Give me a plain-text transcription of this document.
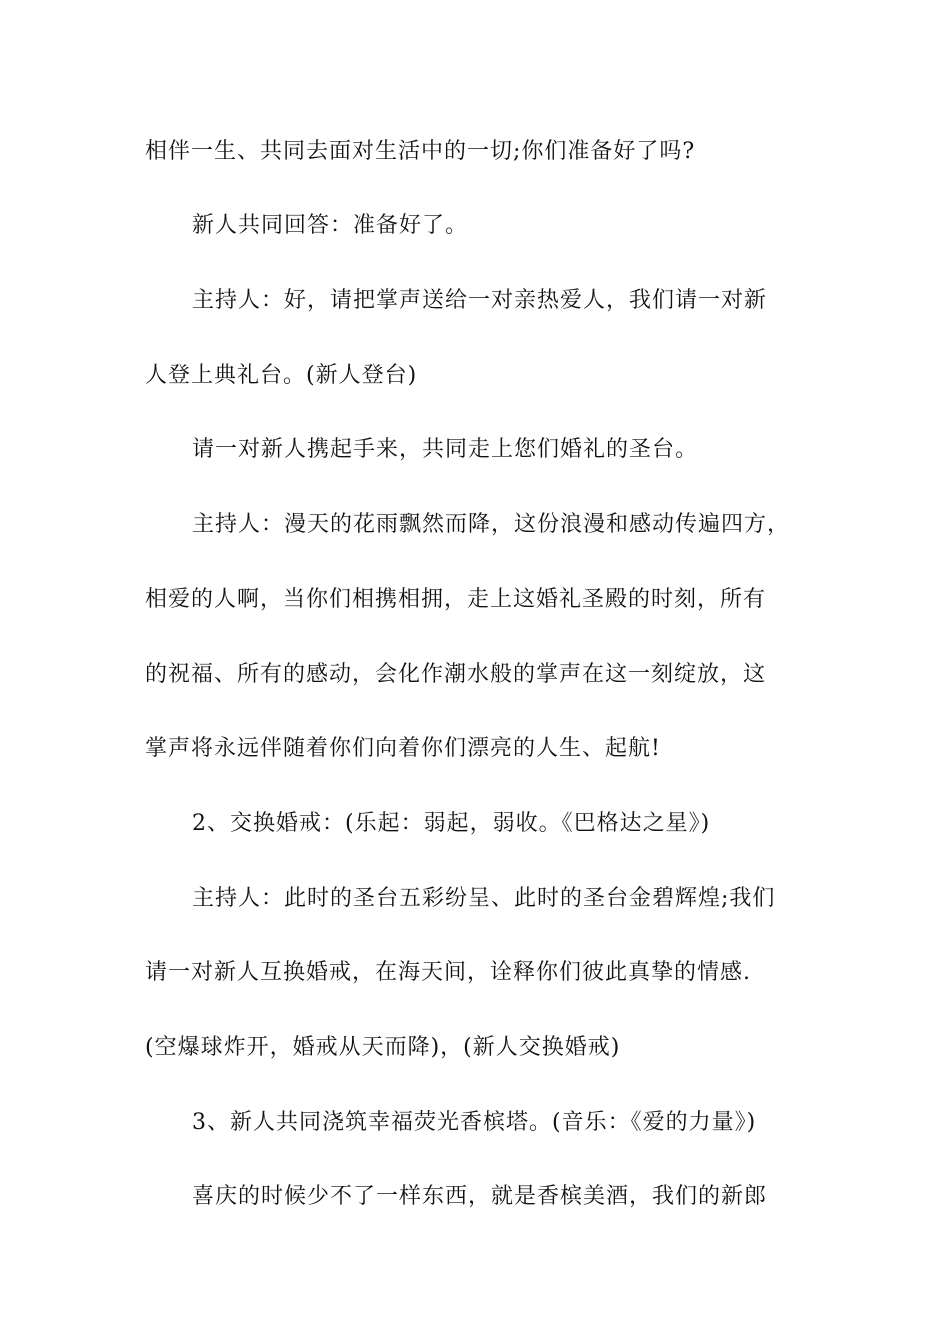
相伴一生、共同去面对生活中的一切;你们准备好了吗?
新人共同回答：准备好了。
主持人：好，请把掌声送给一对亲热爱人，我们请一对新
人登上典礼台。(新人登台)
请一对新人携起手来，共同走上您们婚礼的圣台。
主持人：漫天的花雨飘然而降，这份浪漫和感动传遍四方，
相爱的人啊，当你们相携相拥，走上这婚礼圣殿的时刻，所有
的祝福、所有的感动，会化作潮水般的掌声在这一刻绽放，这
掌声将永远伴随着你们向着你们漂亮的人生、起航!
2、交换婚戒：(乐起：弱起，弱收。《巴格达之星》)
主持人：此时的圣台五彩纷呈、此时的圣台金碧辉煌;我们
请一对新人互换婚戒，在海天间，诠释你们彼此真挚的情感.
(空爆球炸开，婚戒从天而降)，(新人交换婚戒)
3、新人共同浇筑幸福荧光香槟塔。(音乐：《爱的力量》)
喜庆的时候少不了一样东西，就是香槟美酒，我们的新郎
